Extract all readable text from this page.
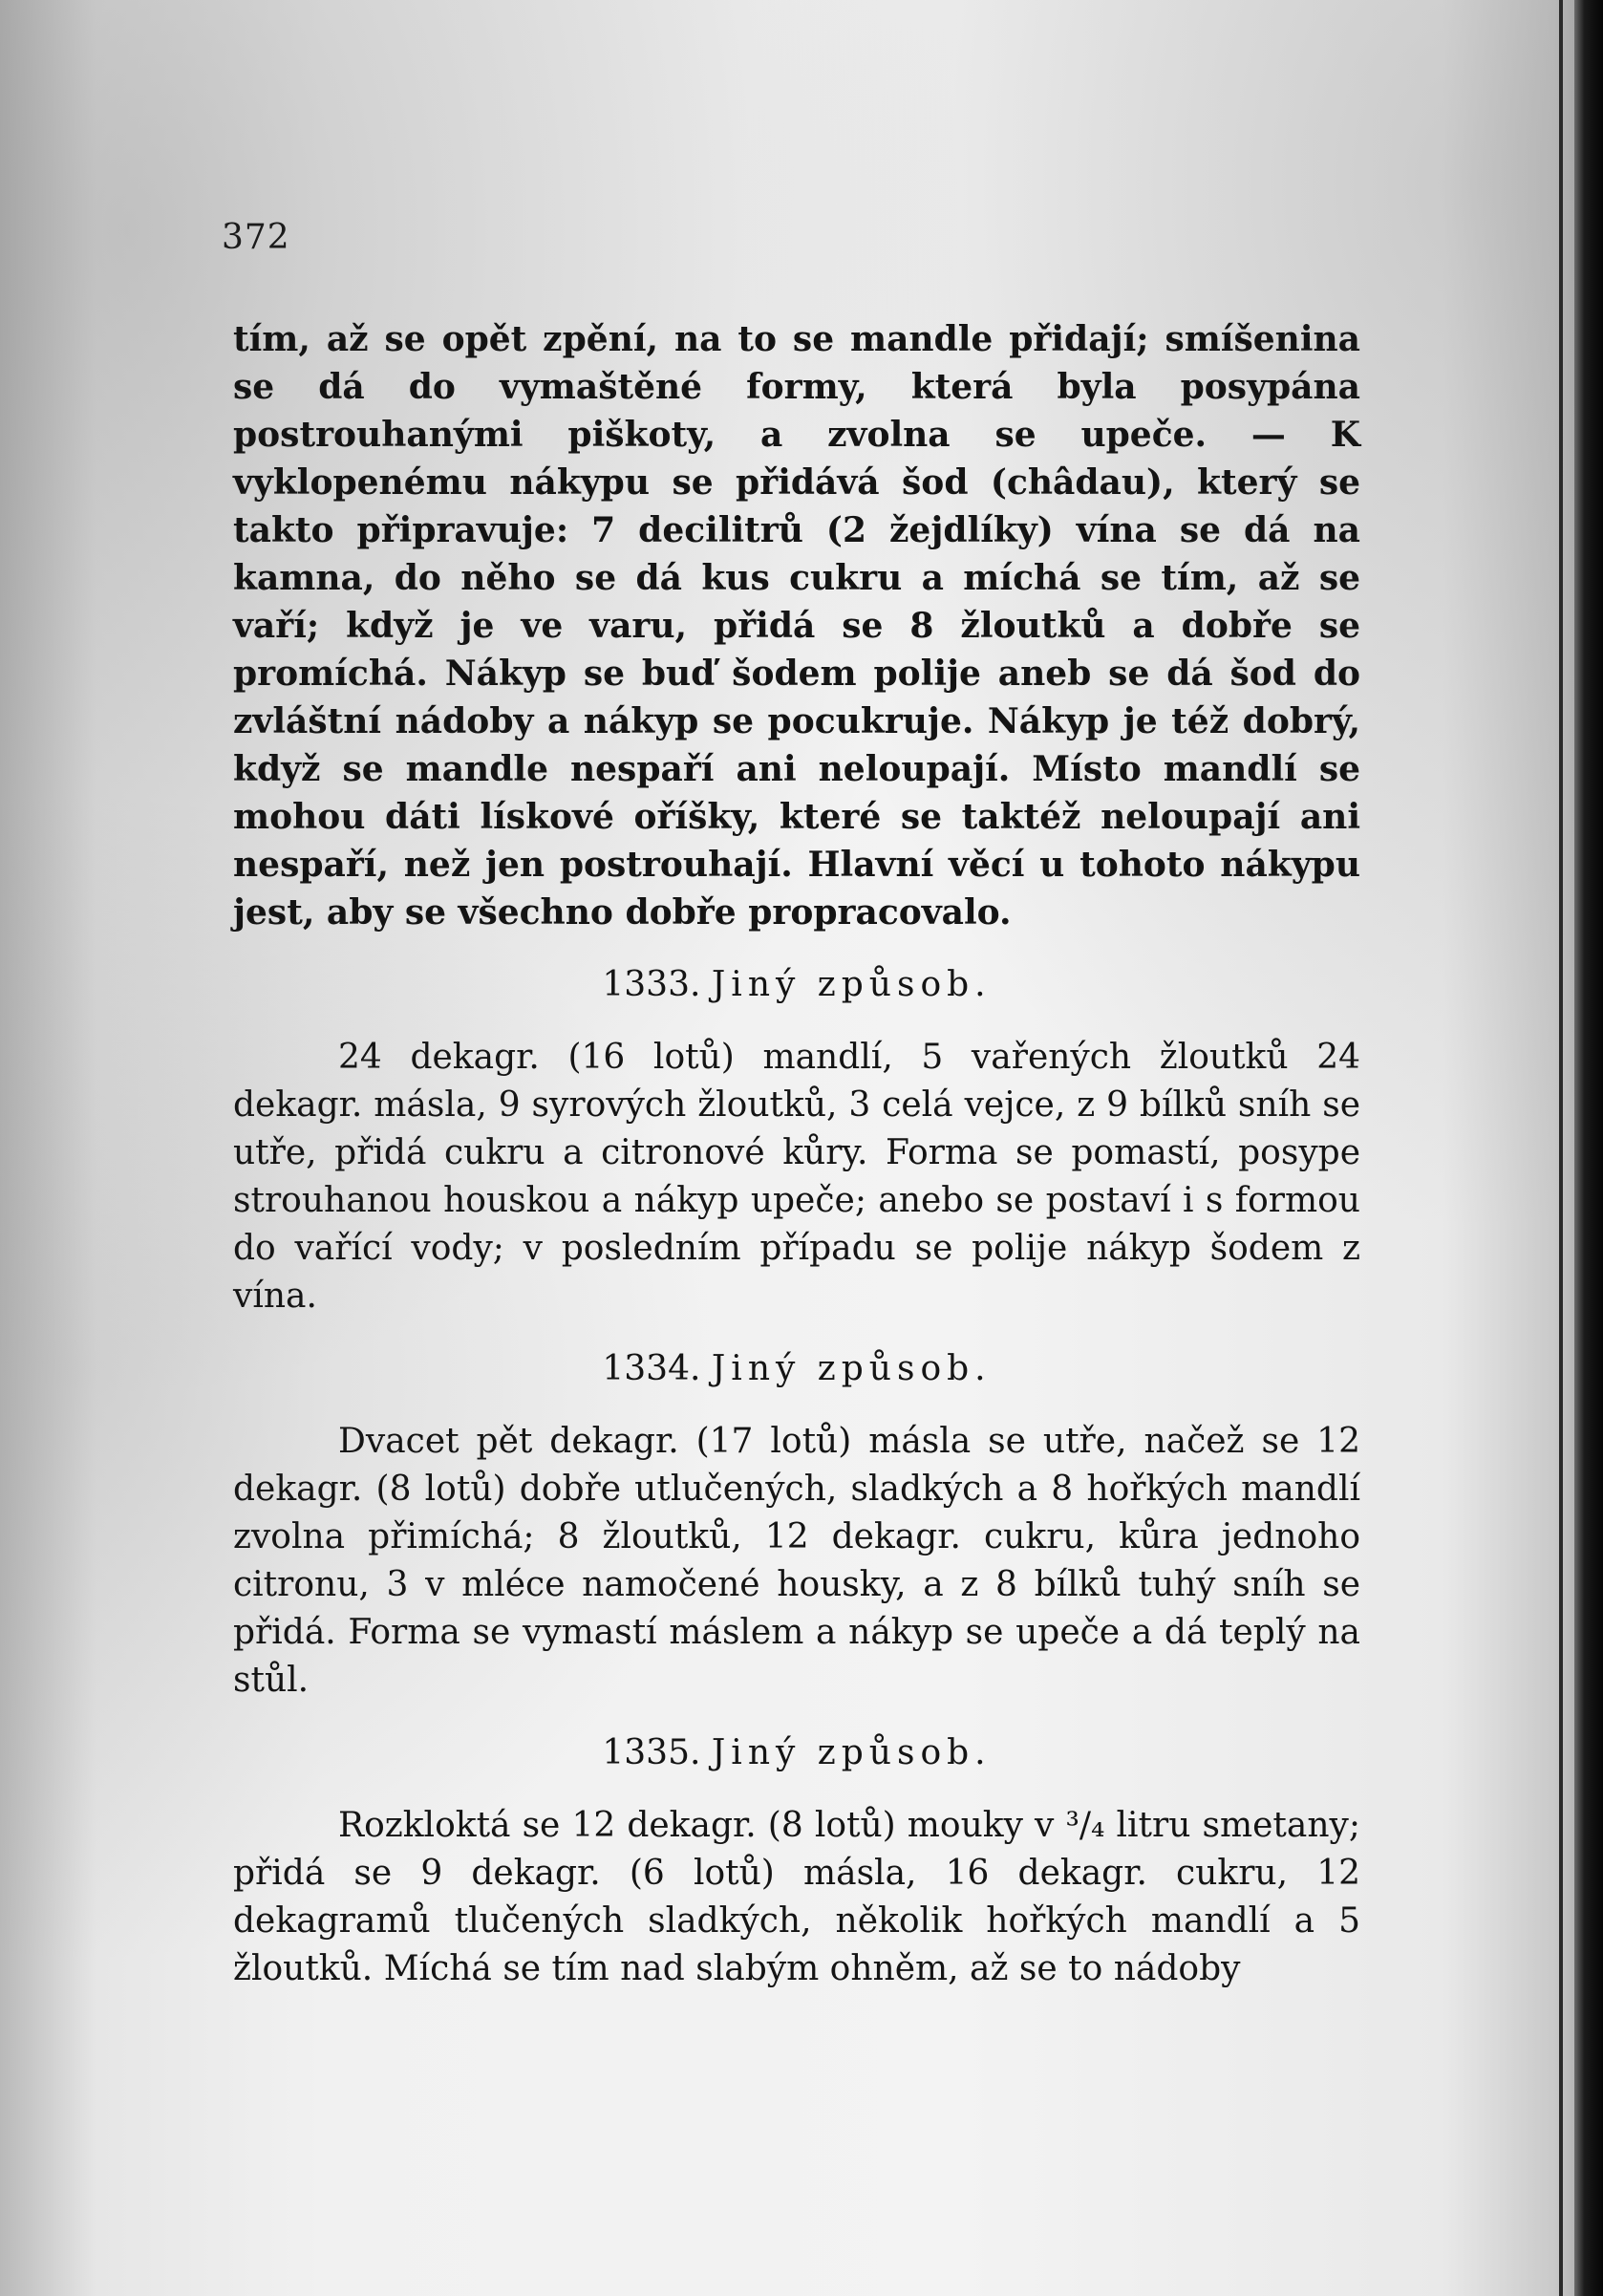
372

tím, až se opět zpění, na to se mandle přidají; smíšenina se dá do vymaštěné formy, která byla posypána postrouhanými piškoty, a zvolna se upeče. — K vyklopenému nákypu se přidává šod (châdau), který se takto připravuje: 7 decilitrů (2 žejdlíky) vína se dá na kamna, do něho se dá kus cukru a míchá se tím, až se vaří; když je ve varu, přidá se 8 žloutků a dobře se promíchá. Nákyp se buď šodem polije aneb se dá šod do zvláštní nádoby a nákyp se pocukruje. Nákyp je též dobrý, když se mandle nespaří ani neloupají. Místo mandlí se mohou dáti lískové oříšky, které se taktéž neloupají ani nespaří, než jen postrouhají. Hlavní věcí u tohoto nákypu jest, aby se všechno dobře propracovalo.

1333. Jiný způsob.

24 dekagr. (16 lotů) mandlí, 5 vařených žloutků 24 dekagr. másla, 9 syrových žloutků, 3 celá vejce, z 9 bílků sníh se utře, přidá cukru a citronové kůry. Forma se pomastí, posype strouhanou houskou a nákyp upeče; anebo se postaví i s formou do vařící vody; v posledním případu se polije nákyp šodem z vína.

1334. Jiný způsob.

Dvacet pět dekagr. (17 lotů) másla se utře, načež se 12 dekagr. (8 lotů) dobře utlučených, sladkých a 8 hořkých mandlí zvolna přimíchá; 8 žloutků, 12 dekagr. cukru, kůra jednoho citronu, 3 v mléce namočené housky, a z 8 bílků tuhý sníh se přidá. Forma se vymastí máslem a nákyp se upeče a dá teplý na stůl.

1335. Jiný způsob.

Rozkloktá se 12 dekagr. (8 lotů) mouky v ³/₄ litru smetany; přidá se 9 dekagr. (6 lotů) másla, 16 dekagr. cukru, 12 dekagramů tlučených sladkých, několik hořkých mandlí a 5 žloutků. Míchá se tím nad slabým ohněm, až se to nádoby
